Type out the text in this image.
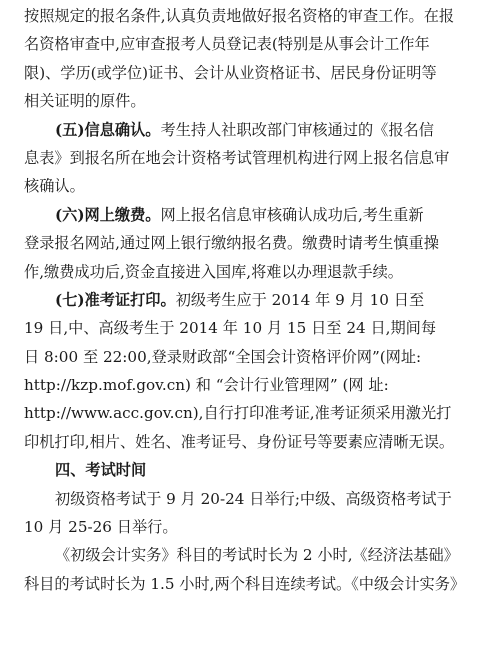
按照规定的报名条件,认真负责地做好报名资格的审查工作。在报
名资格审查中,应审查报考人员登记表(特别是从事会计工作年
限)、学历(或学位)证书、会计从业资格证书、居民身份证明等
相关证明的原件。
(五)信息确认。考生持人社职改部门审核通过的《报名信
息表》到报名所在地会计资格考试管理机构进行网上报名信息审
核确认。
(六)网上缴费。网上报名信息审核确认成功后,考生重新
登录报名网站,通过网上银行缴纳报名费。缴费时请考生慎重操
作,缴费成功后,资金直接进入国库,将难以办理退款手续。
(七)准考证打印。初级考生应于 2014 年 9 月 10 日至
19 日,中、高级考生于 2014 年 10 月 15 日至 24 日,期间每
日 8:00 至 22:00,登录财政部“全国会计资格评价网”(网址:
http://kzp.mof.gov.cn) 和 “会计行业管理网” (网 址:
http://www.acc.gov.cn),自行打印准考证,准考证须采用激光打
印机打印,相片、姓名、准考证号、身份证号等要素应清晰无误。
四、考试时间
初级资格考试于 9 月 20-24 日举行;中级、高级资格考试于
10 月 25-26 日举行。
《初级会计实务》科目的考试时长为 2 小时,《经济法基础》
科目的考试时长为 1.5 小时,两个科目连续考试。《中级会计实务》
